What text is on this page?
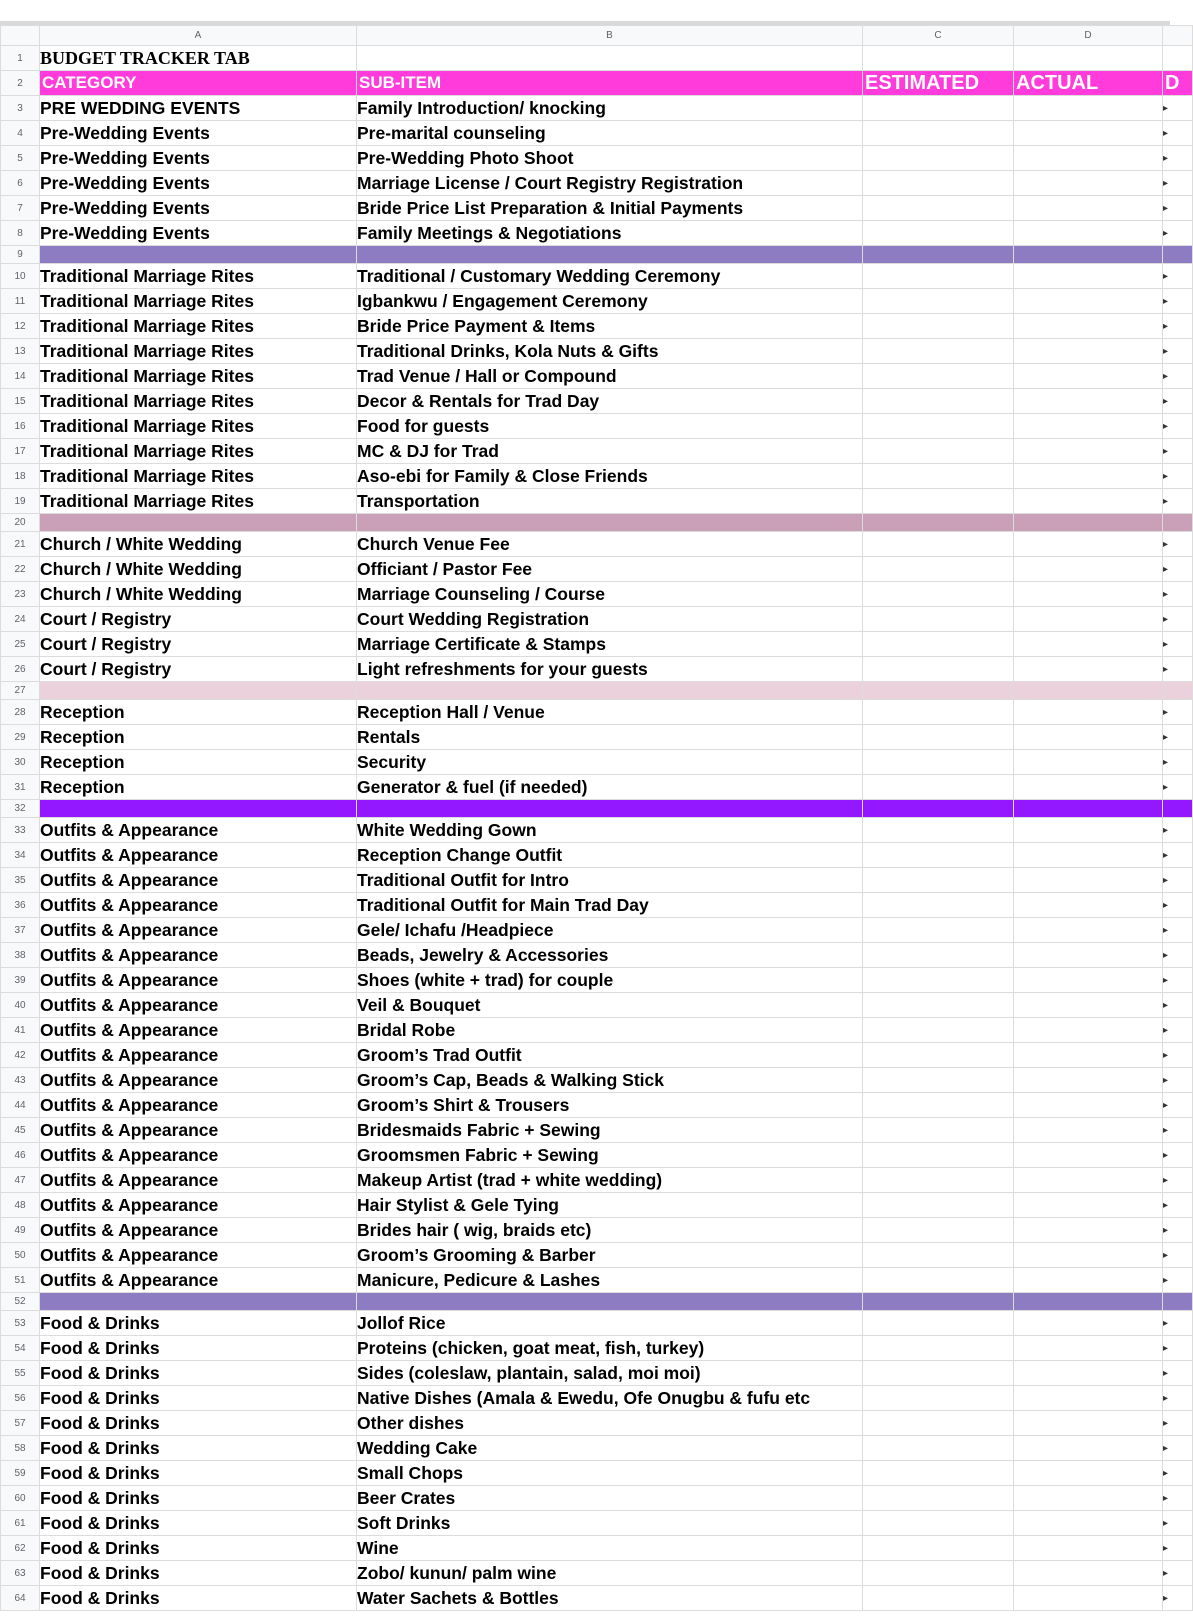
	A	B	C	D	
1	BUDGET TRACKER TAB				
2	CATEGORY	SUB-ITEM	ESTIMATED	ACTUAL	D
3	PRE WEDDING EVENTS	Family Introduction/ knocking			▸
4	Pre-Wedding Events	Pre-marital counseling			▸
5	Pre-Wedding Events	Pre-Wedding Photo Shoot			▸
6	Pre-Wedding Events	Marriage License / Court Registry Registration			▸
7	Pre-Wedding Events	Bride Price List Preparation & Initial Payments			▸
8	Pre-Wedding Events	Family Meetings & Negotiations			▸
9					
10	Traditional Marriage Rites	Traditional / Customary Wedding Ceremony			▸
11	Traditional Marriage Rites	Igbankwu / Engagement Ceremony			▸
12	Traditional Marriage Rites	Bride Price Payment & Items			▸
13	Traditional Marriage Rites	Traditional Drinks, Kola Nuts & Gifts			▸
14	Traditional Marriage Rites	Trad Venue / Hall or Compound			▸
15	Traditional Marriage Rites	Decor & Rentals for Trad Day			▸
16	Traditional Marriage Rites	Food for guests			▸
17	Traditional Marriage Rites	MC & DJ for Trad			▸
18	Traditional Marriage Rites	Aso-ebi for Family & Close Friends			▸
19	Traditional Marriage Rites	Transportation			▸
20					
21	Church / White Wedding	Church Venue Fee			▸
22	Church / White Wedding	Officiant / Pastor Fee			▸
23	Church / White Wedding	Marriage Counseling / Course			▸
24	Court / Registry	Court Wedding Registration			▸
25	Court / Registry	Marriage Certificate & Stamps			▸
26	Court / Registry	Light refreshments for your guests			▸
27					
28	Reception	Reception Hall / Venue			▸
29	Reception	Rentals			▸
30	Reception	Security			▸
31	Reception	Generator & fuel (if needed)			▸
32					
33	Outfits & Appearance	White Wedding Gown			▸
34	Outfits & Appearance	Reception Change Outfit			▸
35	Outfits & Appearance	Traditional Outfit for Intro			▸
36	Outfits & Appearance	Traditional Outfit for Main Trad Day			▸
37	Outfits & Appearance	Gele/ Ichafu /Headpiece			▸
38	Outfits & Appearance	Beads, Jewelry & Accessories			▸
39	Outfits & Appearance	Shoes (white + trad) for couple			▸
40	Outfits & Appearance	Veil & Bouquet			▸
41	Outfits & Appearance	Bridal Robe			▸
42	Outfits & Appearance	Groom’s Trad Outfit			▸
43	Outfits & Appearance	Groom’s Cap, Beads & Walking Stick			▸
44	Outfits & Appearance	Groom’s Shirt & Trousers			▸
45	Outfits & Appearance	Bridesmaids Fabric + Sewing			▸
46	Outfits & Appearance	Groomsmen Fabric + Sewing			▸
47	Outfits & Appearance	Makeup Artist (trad + white wedding)			▸
48	Outfits & Appearance	Hair Stylist & Gele Tying			▸
49	Outfits & Appearance	Brides hair ( wig, braids etc)			▸
50	Outfits & Appearance	Groom’s Grooming & Barber			▸
51	Outfits & Appearance	Manicure, Pedicure & Lashes			▸
52					
53	Food & Drinks	Jollof Rice			▸
54	Food & Drinks	Proteins (chicken, goat meat, fish, turkey)			▸
55	Food & Drinks	Sides (coleslaw, plantain, salad, moi moi)			▸
56	Food & Drinks	Native Dishes (Amala & Ewedu, Ofe Onugbu & fufu etc			▸
57	Food & Drinks	Other dishes			▸
58	Food & Drinks	Wedding Cake			▸
59	Food & Drinks	Small Chops			▸
60	Food & Drinks	Beer Crates			▸
61	Food & Drinks	Soft Drinks			▸
62	Food & Drinks	Wine			▸
63	Food & Drinks	Zobo/ kunun/ palm wine			▸
64	Food & Drinks	Water Sachets & Bottles			▸
